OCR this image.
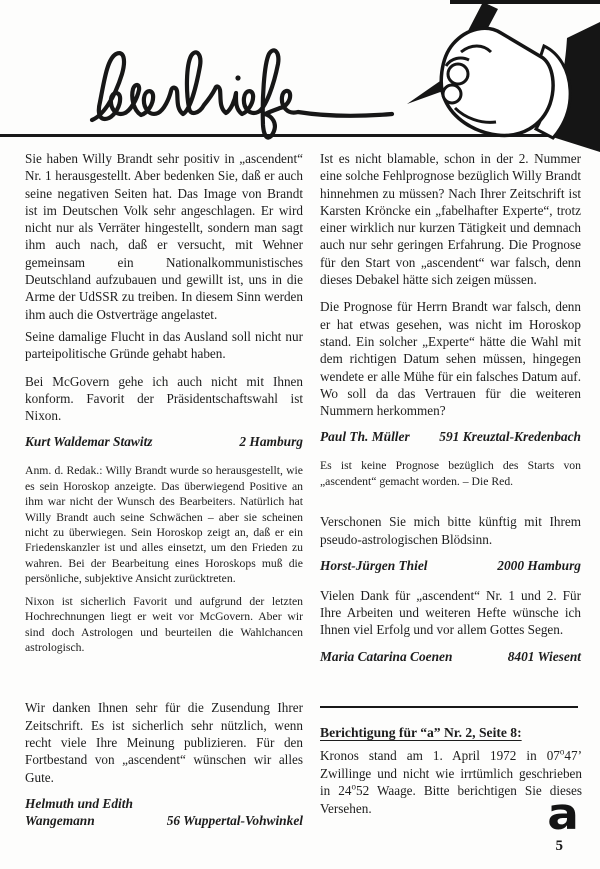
Sie haben Willy Brandt sehr positiv in „ascendent“ Nr. 1 herausgestellt. Aber bedenken Sie, daß er auch seine negativen Seiten hat. Das Image von Brandt ist im Deutschen Volk sehr angeschlagen. Er wird nicht nur als Verräter hingestellt, sondern man sagt ihm auch nach, daß er versucht, mit Wehner gemeinsam ein Nationalkommunistisches Deutschland aufzubauen und gewillt ist, uns in die Arme der UdSSR zu treiben. In diesem Sinn werden ihm auch die Ostverträge angelastet.

Seine damalige Flucht in das Ausland soll nicht nur parteipolitische Gründe gehabt haben.

Bei McGovern gehe ich auch nicht mit Ihnen konform. Favorit der Präsidentschaftswahl ist Nixon.

Kurt Waldemar Stawitz	2 Hamburg

Anm. d. Redak.: Willy Brandt wurde so herausgestellt, wie es sein Horoskop anzeigte. Das überwiegend Positive an ihm war nicht der Wunsch des Bearbeiters. Natürlich hat Willy Brandt auch seine Schwächen – aber sie scheinen nicht zu überwiegen. Sein Horoskop zeigt an, daß er ein Friedenskanzler ist und alles einsetzt, um den Frieden zu wahren. Bei der Bearbeitung eines Horoskops muß die persönliche, subjektive Ansicht zurücktreten.

Nixon ist sicherlich Favorit und aufgrund der letzten Hochrechnungen liegt er weit vor McGovern. Aber wir sind doch Astrologen und beurteilen die Wahlchancen astrologisch.

Wir danken Ihnen sehr für die Zusendung Ihrer Zeitschrift. Es ist sicherlich sehr nützlich, wenn recht viele Ihre Meinung publizieren. Für den Fortbestand von „ascendent“ wünschen wir alles Gute.

Helmuth und Edith
Wangemann	56 Wuppertal-Vohwinkel

Ist es nicht blamable, schon in der 2. Nummer eine solche Fehlprognose bezüglich Willy Brandt hinnehmen zu müssen? Nach Ihrer Zeitschrift ist Karsten Kröncke ein „fabelhafter Experte“, trotz einer wirklich nur kurzen Tätigkeit und demnach auch nur sehr geringen Erfahrung. Die Prognose für den Start von „ascendent“ war falsch, denn dieses Debakel hätte sich zeigen müssen.

Die Prognose für Herrn Brandt war falsch, denn er hat etwas gesehen, was nicht im Horoskop stand. Ein solcher „Experte“ hätte die Wahl mit dem richtigen Datum sehen müssen, hingegen wendete er alle Mühe für ein falsches Datum auf. Wo soll da das Vertrauen für die weiteren Nummern herkommen?

Paul Th. Müller 591 Kreuztal-Kredenbach

Es ist keine Prognose bezüglich des Starts von „ascendent“ gemacht worden. – Die Red.

Verschonen Sie mich bitte künftig mit Ihrem pseudo-astrologischen Blödsinn.

Horst-Jürgen Thiel	2000 Hamburg

Vielen Dank für „ascendent“ Nr. 1 und 2. Für Ihre Arbeiten und weiteren Hefte wünsche ich Ihnen viel Erfolg und vor allem Gottes Segen.

Maria Catarina Coenen	8401 Wiesent
Berichtigung für “a” Nr. 2, Seite 8:

Kronos stand am 1. April 1972 in 07$^o$47’ Zwillinge und nicht wie irrtümlich geschrieben in 24$^o$52 Waage. Bitte berichtigen Sie dieses Versehen.	a
5
